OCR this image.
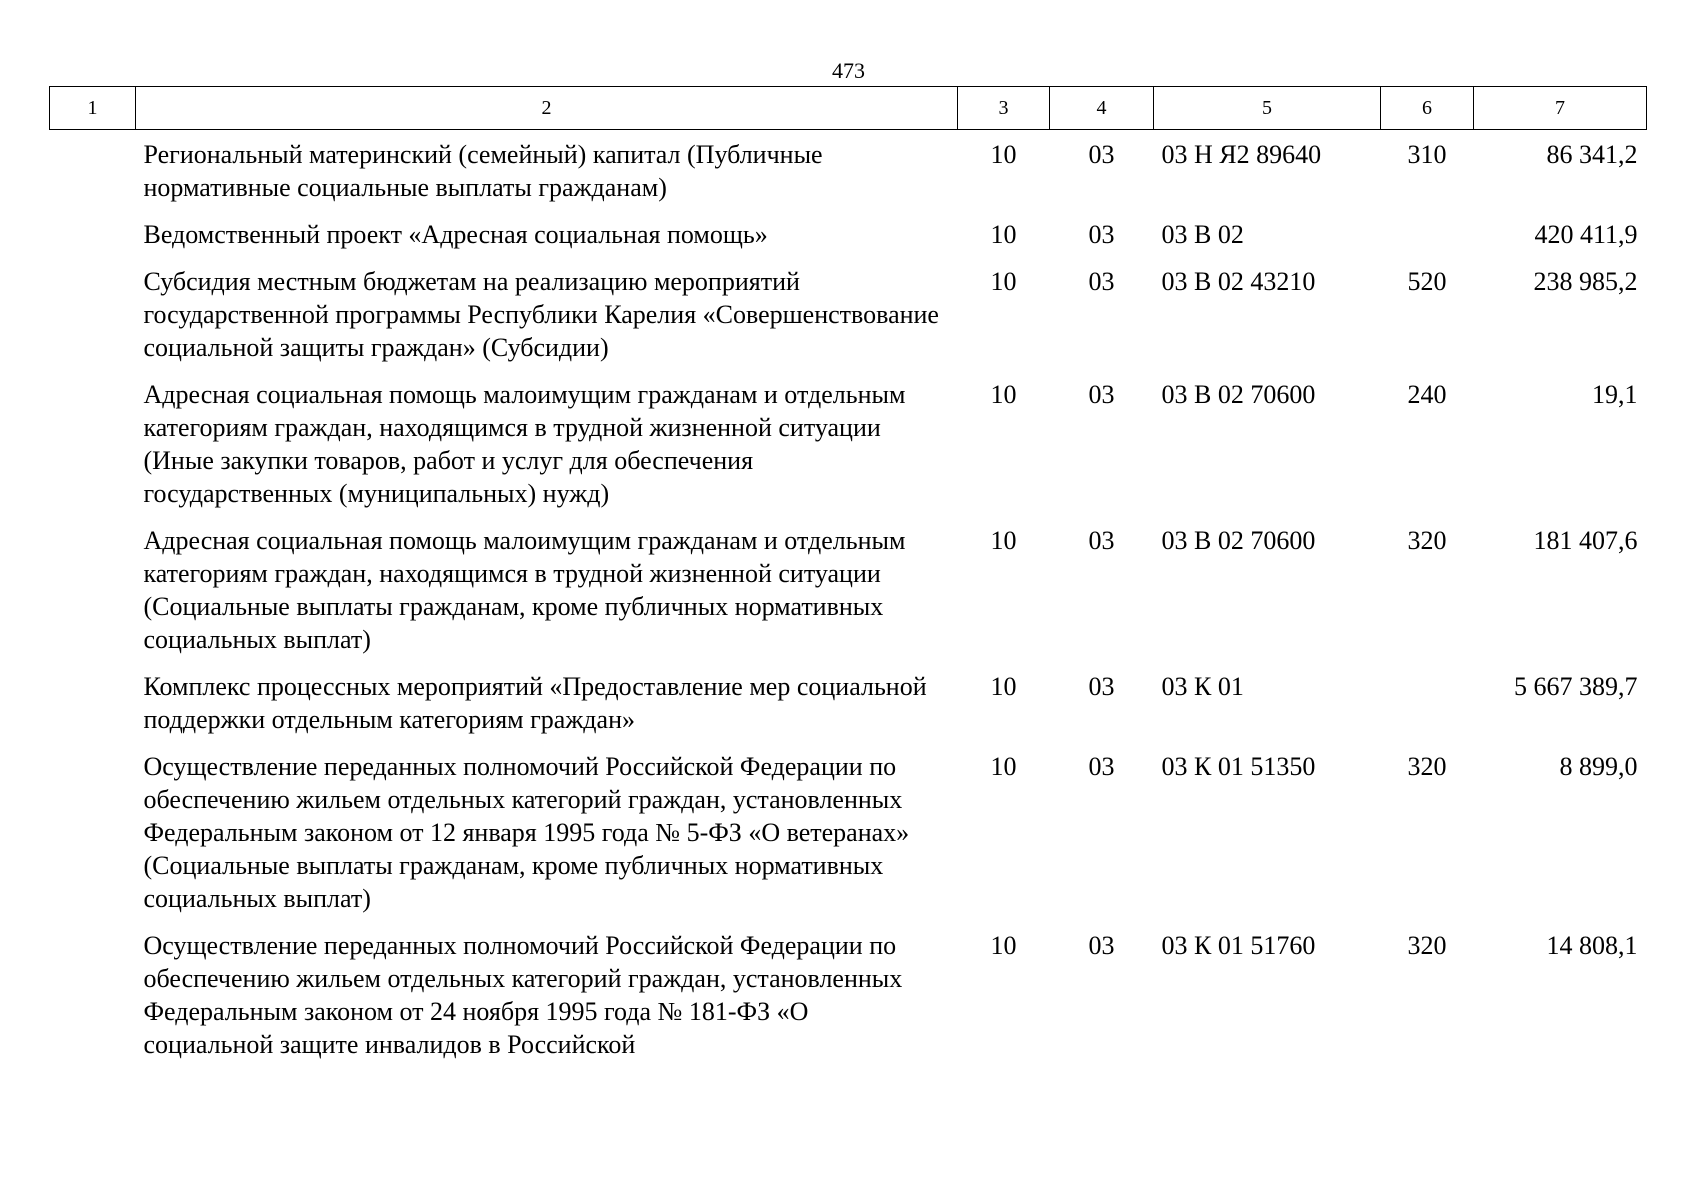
473
1	2	3	4	5	6	7
	Региональный материнский (семейный) капитал (Публичные нормативные социальные выплаты гражданам)	10	03	03 Н Я2 89640	310	86 341,2
	Ведомственный проект «Адресная социальная помощь»	10	03	03 В 02		420 411,9
	Субсидия местным бюджетам на реализацию мероприятий государственной программы Республики Карелия «Совершенствование социальной защиты граждан» (Субсидии)	10	03	03 В 02 43210	520	238 985,2
	Адресная социальная помощь малоимущим гражданам и отдельным категориям граждан, находящимся в трудной жизненной ситуации (Иные закупки товаров, работ и услуг для обеспечения государственных (муниципальных) нужд)	10	03	03 В 02 70600	240	19,1
	Адресная социальная помощь малоимущим гражданам и отдельным категориям граждан, находящимся в трудной жизненной ситуации (Социальные выплаты гражданам, кроме публичных нормативных социальных выплат)	10	03	03 В 02 70600	320	181 407,6
	Комплекс процессных мероприятий «Предоставление мер социальной поддержки отдельным категориям граждан»	10	03	03 К 01		5 667 389,7
	Осуществление переданных полномочий Российской Федерации по обеспечению жильем отдельных категорий граждан, установленных Федеральным законом от 12 января 1995 года № 5-ФЗ «О ветеранах» (Социальные выплаты гражданам, кроме публичных нормативных социальных выплат)	10	03	03 К 01 51350	320	8 899,0
	Осуществление переданных полномочий Российской Федерации по обеспечению жильем отдельных категорий граждан, установленных Федеральным законом от 24 ноября 1995 года № 181-ФЗ «О социальной защите инвалидов в Российской	10	03	03 К 01 51760	320	14 808,1
